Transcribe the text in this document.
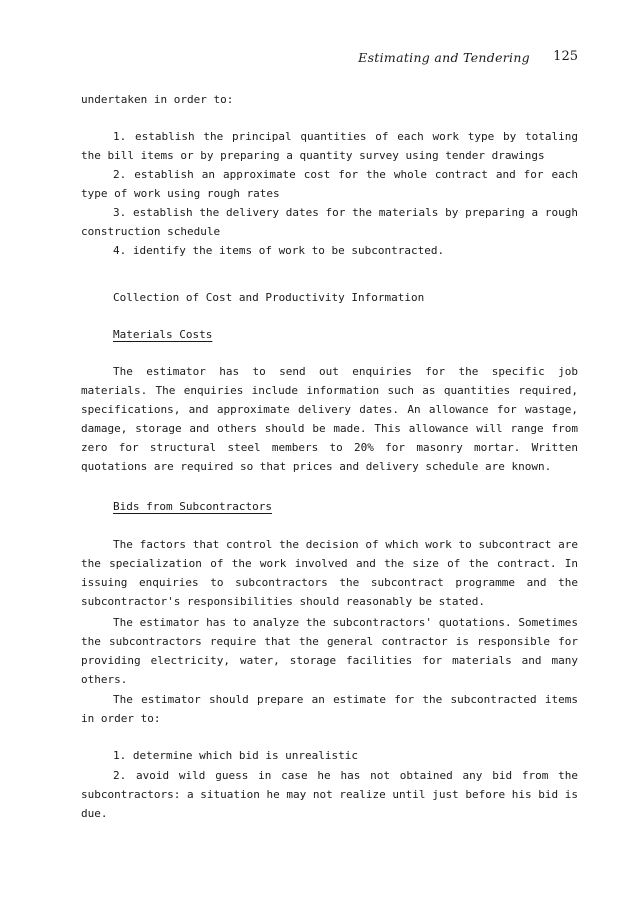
Estimating and Tendering 125

undertaken in order to:

1. establish the principal quantities of each work type by totaling the bill items or by preparing a quantity survey using tender drawings

2. establish an approximate cost for the whole contract and for each type of work using rough rates

3. establish the delivery dates for the materials by preparing a rough construction schedule

4. identify the items of work to be subcontracted.

Collection of Cost and Productivity Information

Materials Costs

The estimator has to send out enquiries for the specific job materials. The enquiries include information such as quantities required, specifications, and approximate delivery dates. An allowance for wastage, damage, storage and others should be made. This allowance will range from zero for structural steel members to 20% for masonry mortar. Written quotations are required so that prices and delivery schedule are known.

Bids from Subcontractors

The factors that control the decision of which work to subcontract are the specialization of the work involved and the size of the contract. In issuing enquiries to subcontractors the subcontract programme and the subcontractor's responsibilities should reasonably be stated.

The estimator has to analyze the subcontractors' quotations. Sometimes the subcontractors require that the general contractor is responsible for providing electricity, water, storage facilities for materials and many others.

The estimator should prepare an estimate for the subcontracted items in order to:

1. determine which bid is unrealistic

2. avoid wild guess in case he has not obtained any bid from the subcontractors: a situation he may not realize until just before his bid is due.
